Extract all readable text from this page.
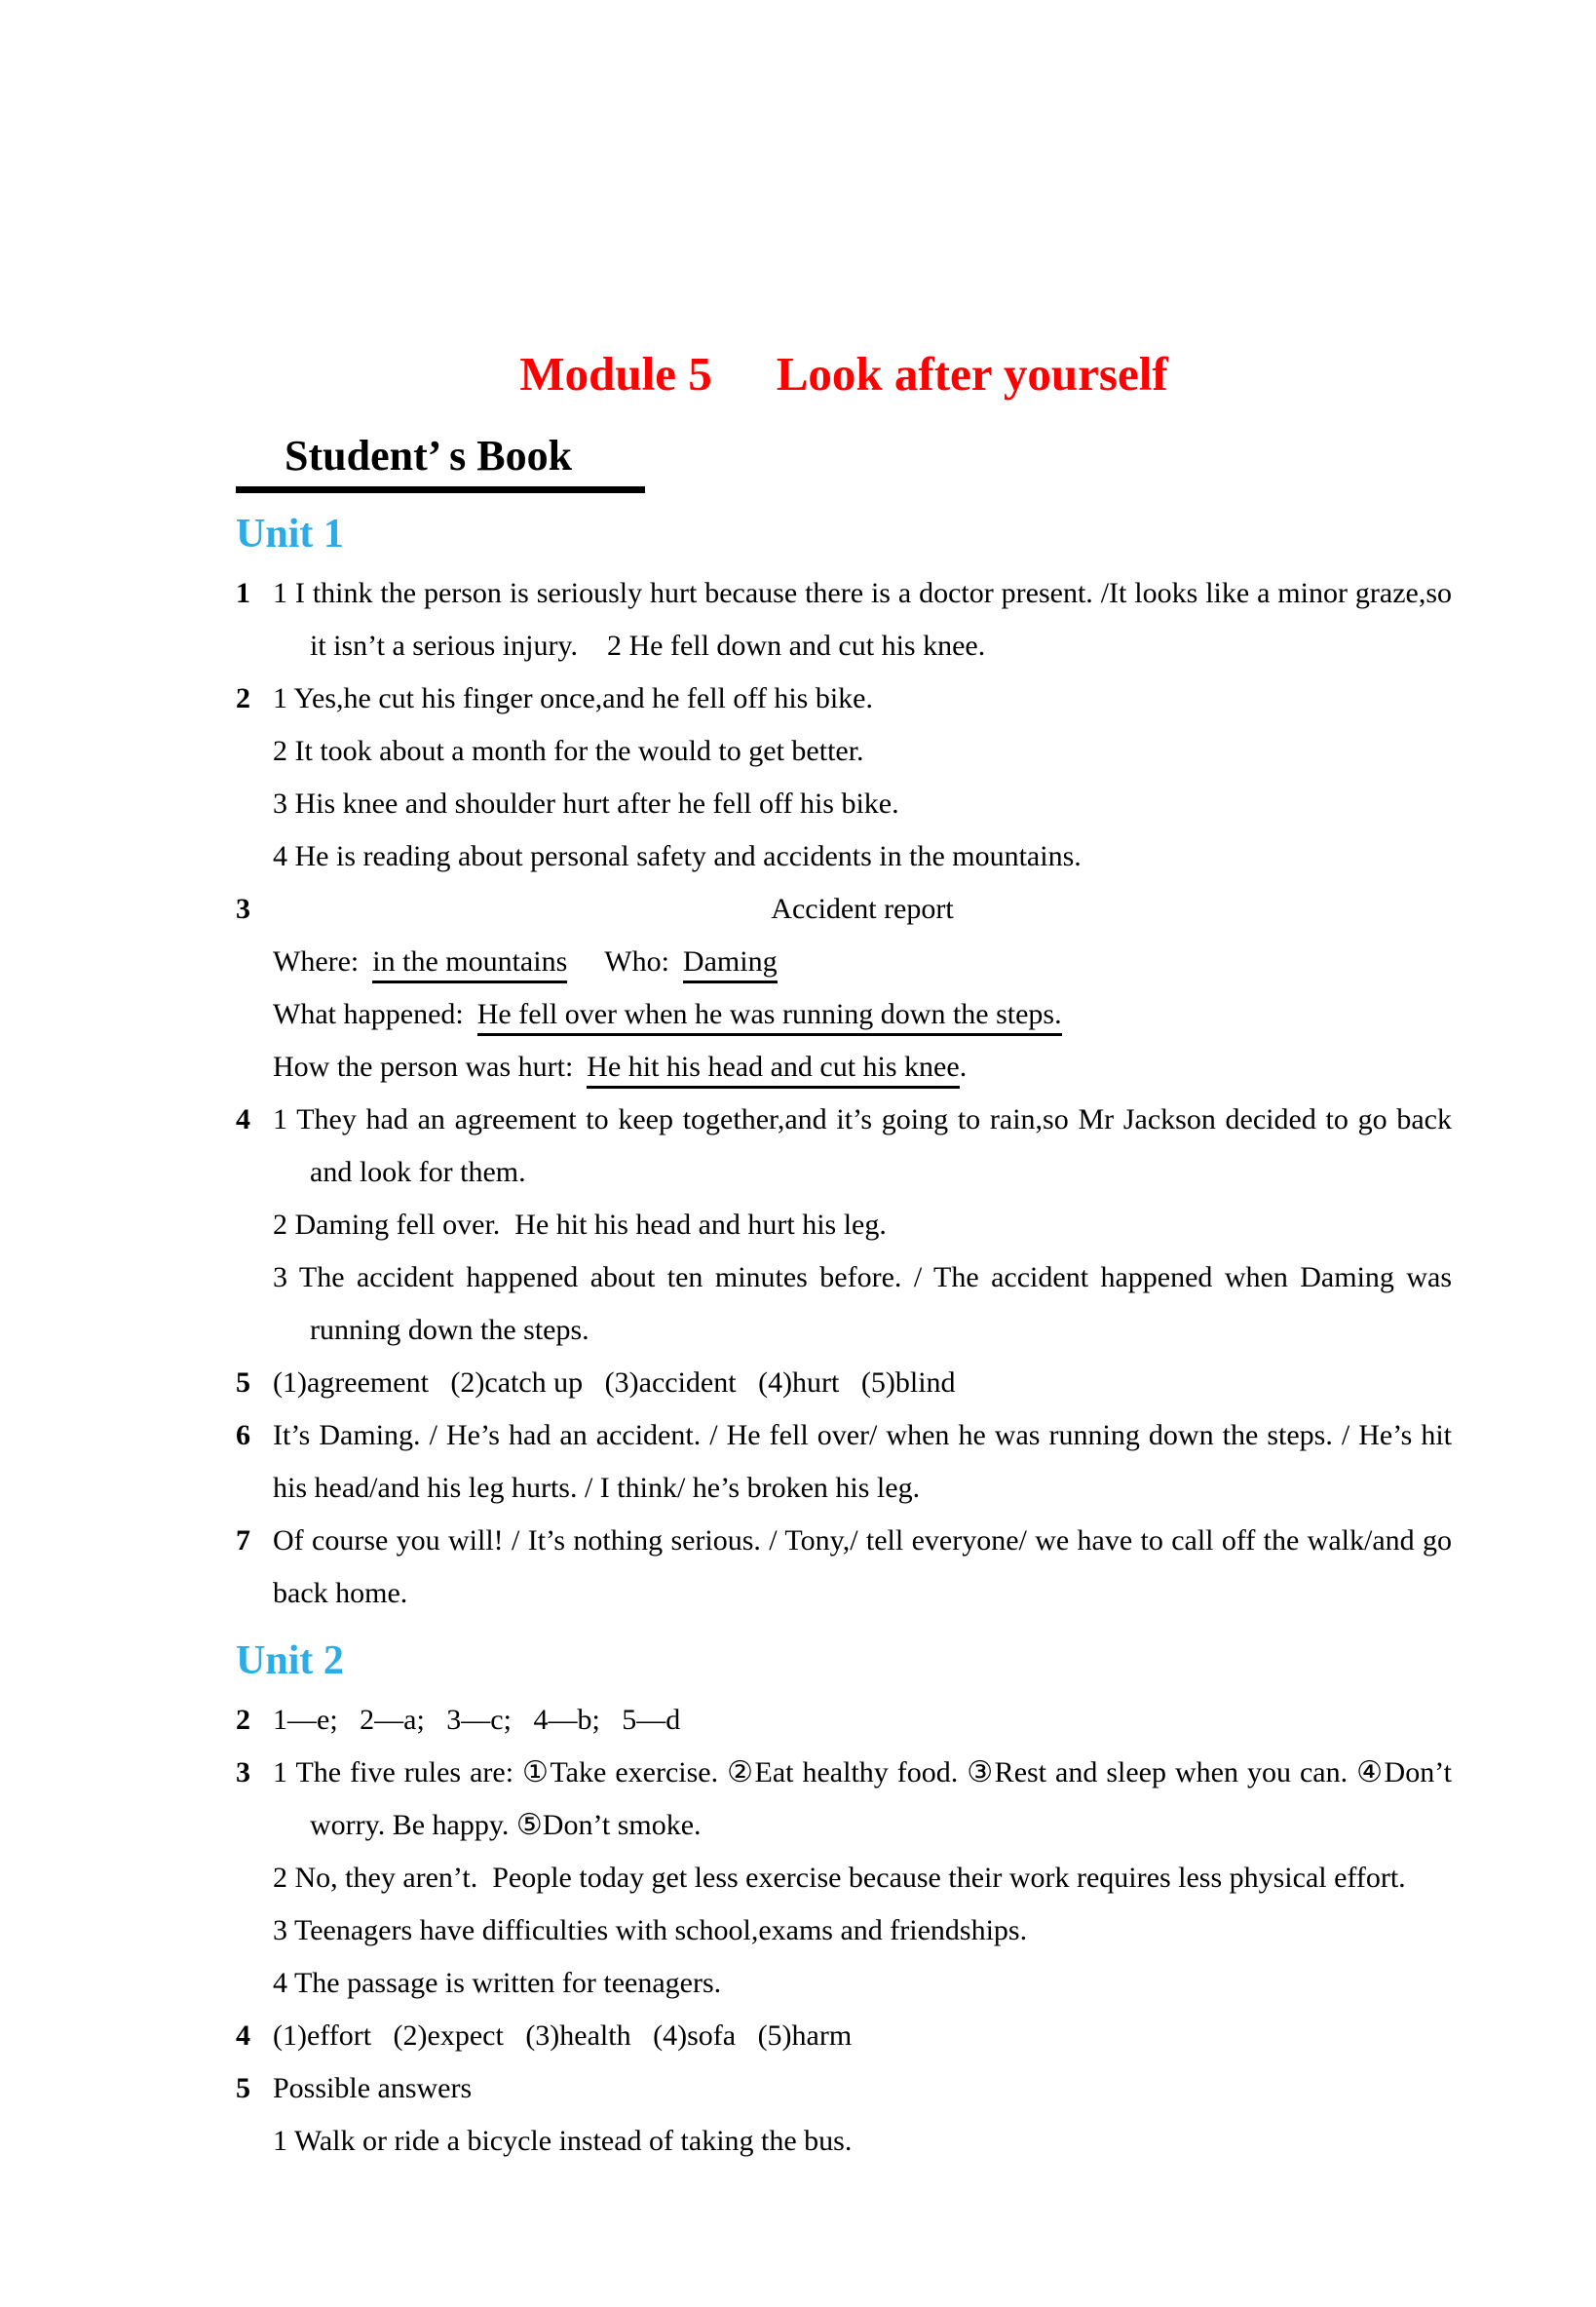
Module 5 Look after yourself
Student’ s Book
Unit 1
1 1 I think the person is seriously hurt because there is a doctor present. /It looks like a minor graze,so it isn’t a serious injury.    2 He fell down and cut his knee.

2 1 Yes,he cut his finger once,and he fell off his bike.

2 It took about a month for the would to get better.

3 His knee and shoulder hurt after he fell off his bike.

4 He is reading about personal safety and accidents in the mountains.

3	Accident report

Where: in the mountains Who: Daming

What happened: He fell over when he was running down the steps.

How the person was hurt: He hit his head and cut his knee.

4 1 They had an agreement to keep together,and it’s going to rain,so Mr Jackson decided to go back and look for them.

2 Daming fell over.  He hit his head and hurt his leg.

3 The accident happened about ten minutes before. / The accident happened when Daming was running down the steps.

5 (1)agreement   (2)catch up   (3)accident   (4)hurt   (5)blind

6 It’s Daming. / He’s had an accident. / He fell over/ when he was running down the steps. / He’s hit his head/and his leg hurts. / I think/ he’s broken his leg.

7 Of course you will! / It’s nothing serious. / Tony,/ tell everyone/ we have to call off the walk/and go back home.

Unit 2
2 1—e;   2—a;   3—c;   4—b;   5—d

3 1 The five rules are: ①Take exercise. ②Eat healthy food. ③Rest and sleep when you can. ④Don’t worry. Be happy. ⑤Don’t smoke.

2 No, they aren’t.  People today get less exercise because their work requires less physical effort.

3 Teenagers have difficulties with school,exams and friendships.

4 The passage is written for teenagers.

4 (1)effort   (2)expect   (3)health   (4)sofa   (5)harm

5 Possible answers

1 Walk or ride a bicycle instead of taking the bus.
